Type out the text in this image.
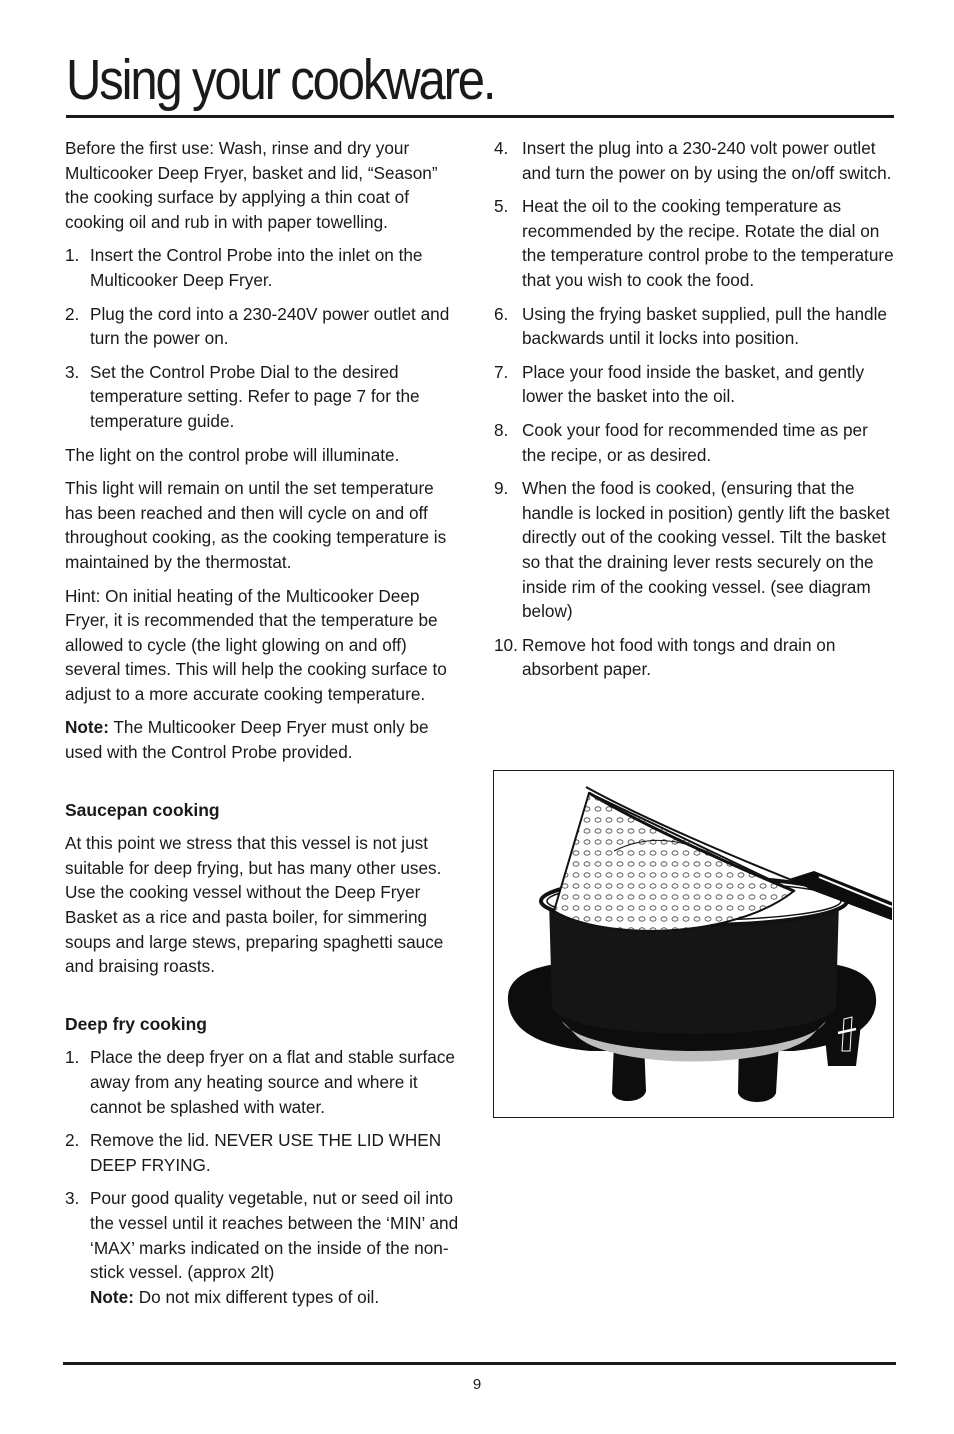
Using your cookware.

Before the first use: Wash, rinse and dry your Multicooker Deep Fryer, basket and lid, “Season” the cooking surface by applying a thin coat of cooking oil and rub in with paper towelling.

1. Insert the Control Probe into the inlet on the Multicooker Deep Fryer.
2. Plug the cord into a 230-240V power outlet and turn the power on.
3. Set the Control Probe Dial to the desired temperature setting. Refer to page 7 for the temperature guide.

The light on the control probe will illuminate.

This light will remain on until the set temperature has been reached and then will cycle on and off throughout cooking, as the cooking temperature is maintained by the thermostat.

Hint: On initial heating of the Multicooker Deep Fryer, it is recommended that the temperature be allowed to cycle (the light glowing on and off) several times. This will help the cooking surface to adjust to a more accurate cooking temperature.

Note: The Multicooker Deep Fryer must only be used with the Control Probe provided.

Saucepan cooking

At this point we stress that this vessel is not just suitable for deep frying, but has many other uses. Use the cooking vessel without the Deep Fryer Basket as a rice and pasta boiler, for simmering soups and large stews, preparing spaghetti sauce and braising roasts.

Deep fry cooking

1. Place the deep fryer on a flat and stable surface away from any heating source and where it cannot be splashed with water.
2. Remove the lid. NEVER USE THE LID WHEN DEEP FRYING.
3. Pour good quality vegetable, nut or seed oil into the vessel until it reaches between the ‘MIN’ and ‘MAX’ marks indicated on the inside of the non-stick vessel. (approx 2lt)
Note: Do not mix different types of oil.
4. Insert the plug into a 230-240 volt power outlet and turn the power on by using the on/off switch.
5. Heat the oil to the cooking temperature as recommended by the recipe. Rotate the dial on the temperature control probe to the temperature that you wish to cook the food.
6. Using the frying basket supplied, pull the handle backwards until it locks into position.
7. Place your food inside the basket, and gently lower the basket into the oil.
8. Cook your food for recommended time as per the recipe, or as desired.
9. When the food is cooked, (ensuring that the handle is locked in position) gently lift the basket directly out of the cooking vessel. Tilt the basket so that the draining lever rests securely on the inside rim of the cooking vessel. (see diagram below)
10. Remove hot food with tongs and drain on absorbent paper.
9
